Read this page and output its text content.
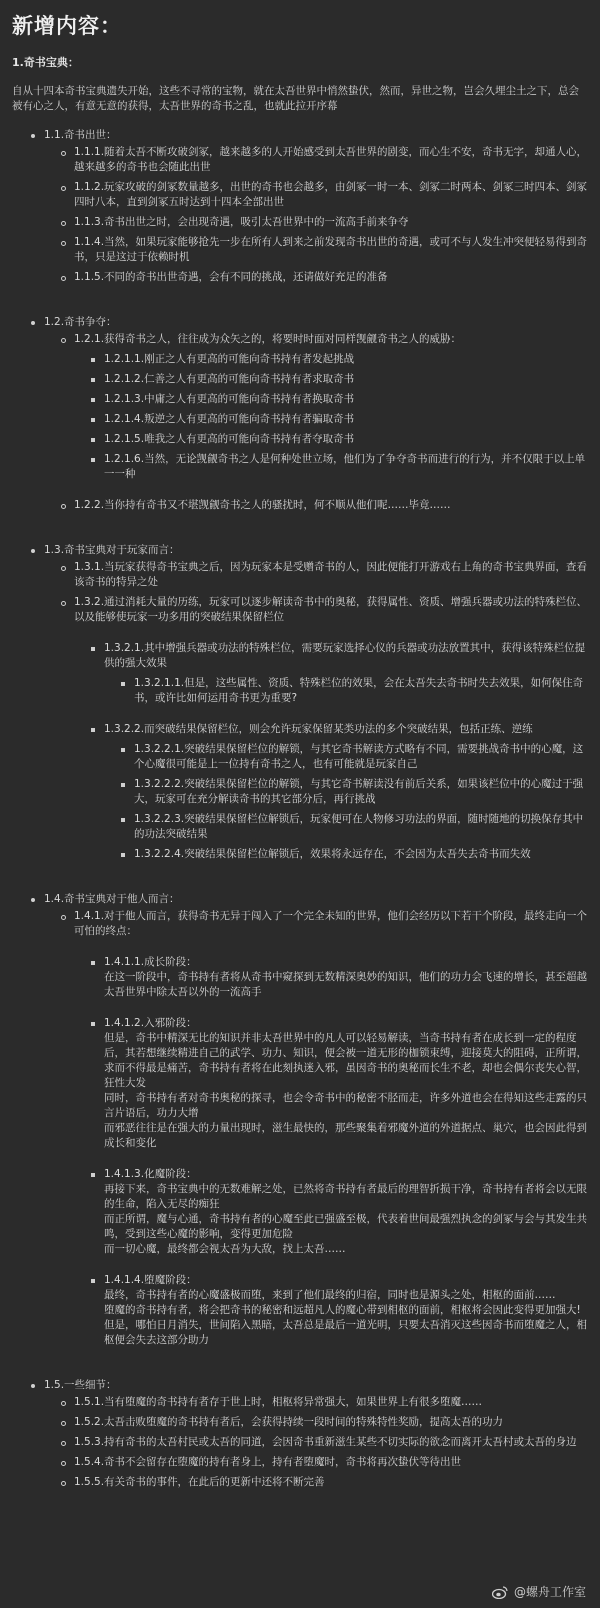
新增内容：
1.奇书宝典：
自从十四本奇书宝典遗失开始，这些不寻常的宝物，就在太吾世界中悄然蛰伏，然而，异世之物，岂会久埋尘土之下，总会被有心之人，有意无意的获得，太吾世界的奇书之乱，也就此拉开序幕
1.1.奇书出世：
1.1.1.随着太吾不断攻破剑冢，越来越多的人开始感受到太吾世界的剧变，而心生不安，奇书无字，却通人心，越来越多的奇书也会随此出世
1.1.2.玩家攻破的剑冢数量越多，出世的奇书也会越多，由剑冢一时一本、剑冢二时两本、剑冢三时四本、剑冢四时八本，直到剑冢五时达到十四本全部出世
1.1.3.奇书出世之时，会出现奇遇，吸引太吾世界中的一流高手前来争夺
1.1.4.当然，如果玩家能够抢先一步在所有人到来之前发现奇书出世的奇遇，或可不与人发生冲突便轻易得到奇书，只是这过于依赖时机
1.1.5.不同的奇书出世奇遇，会有不同的挑战，还请做好充足的准备
1.2.奇书争夺：
1.2.1.获得奇书之人，往往成为众矢之的，将要时时面对同样觊觎奇书之人的威胁：
1.2.1.1.刚正之人有更高的可能向奇书持有者发起挑战
1.2.1.2.仁善之人有更高的可能向奇书持有者求取奇书
1.2.1.3.中庸之人有更高的可能向奇书持有者换取奇书
1.2.1.4.叛逆之人有更高的可能向奇书持有者骗取奇书
1.2.1.5.唯我之人有更高的可能向奇书持有者夺取奇书
1.2.1.6.当然，无论觊觎奇书之人是何种处世立场，他们为了争夺奇书而进行的行为，并不仅限于以上单一一种
1.2.2.当你持有奇书又不堪觊觎奇书之人的骚扰时，何不顺从他们呢……毕竟……
1.3.奇书宝典对于玩家而言：
1.3.1.当玩家获得奇书宝典之后，因为玩家本是受赠奇书的人，因此便能打开游戏右上角的奇书宝典界面，查看该奇书的特异之处
1.3.2.通过消耗大量的历练，玩家可以逐步解读奇书中的奥秘，获得属性、资质、增强兵器或功法的特殊栏位、以及能够使玩家一功多用的突破结果保留栏位
1.3.2.1.其中增强兵器或功法的特殊栏位，需要玩家选择心仪的兵器或功法放置其中，获得该特殊栏位提供的强大效果
1.3.2.1.1.但是，这些属性、资质、特殊栏位的效果，会在太吾失去奇书时失去效果，如何保住奇书，或许比如何运用奇书更为重要?
1.3.2.2.而突破结果保留栏位，则会允许玩家保留某类功法的多个突破结果，包括正练、逆练
1.3.2.2.1.突破结果保留栏位的解锁，与其它奇书解读方式略有不同，需要挑战奇书中的心魔，这个心魔很可能是上一位持有奇书之人，也有可能就是玩家自己
1.3.2.2.2.突破结果保留栏位的解锁，与其它奇书解读没有前后关系，如果该栏位中的心魔过于强大，玩家可在充分解读奇书的其它部分后，再行挑战
1.3.2.2.3.突破结果保留栏位解锁后，玩家便可在人物修习功法的界面，随时随地的切换保存其中的功法突破结果
1.3.2.2.4.突破结果保留栏位解锁后，效果将永远存在，不会因为太吾失去奇书而失效
1.4.奇书宝典对于他人而言：
1.4.1.对于他人而言，获得奇书无异于闯入了一个完全未知的世界，他们会经历以下若干个阶段，最终走向一个可怕的终点：
1.4.1.1.成长阶段：
在这一阶段中，奇书持有者将从奇书中窥探到无数精深奥妙的知识，他们的功力会飞速的增长，甚至超越太吾世界中除太吾以外的一流高手
1.4.1.2.入邪阶段：
但是，奇书中精深无比的知识并非太吾世界中的凡人可以轻易解读，当奇书持有者在成长到一定的程度后，其若想继续精进自己的武学、功力、知识，便会被一道无形的枷锁束缚，迎接莫大的阻碍，正所谓，求而不得最是痛苦，奇书持有者将在此刻执迷入邪，虽因奇书的奥秘而长生不老，却也会偶尔丧失心智，狂性大发
同时，奇书持有者对奇书奥秘的探寻，也会令奇书中的秘密不胫而走，许多外道也会在得知这些走露的只言片语后，功力大增
而邪恶往往是在强大的力量出现时，滋生最快的，那些聚集着邪魔外道的外道据点、巢穴，也会因此得到成长和变化
1.4.1.3.化魔阶段：
再接下来，奇书宝典中的无数难解之处，已然将奇书持有者最后的理智折损干净，奇书持有者将会以无限的生命，陷入无尽的痴狂
而正所谓，魔与心通，奇书持有者的心魔至此已强盛至极，代表着世间最强烈执念的剑冢与会与其发生共鸣，受到这些心魔的影响，变得更加危险
而一切心魔，最终都会视太吾为大敌，找上太吾……
1.4.1.4.堕魔阶段：
最终，奇书持有者的心魔盛极而堕，来到了他们最终的归宿，同时也是源头之处，相枢的面前……
堕魔的奇书持有者，将会把奇书的秘密和远超凡人的魔心带到相枢的面前，相枢将会因此变得更加强大!
但是，哪怕日月消失，世间陷入黑暗，太吾总是最后一道光明，只要太吾消灭这些因奇书而堕魔之人，相枢便会失去这部分助力
1.5.一些细节：
1.5.1.当有堕魔的奇书持有者存于世上时，相枢将异常强大，如果世界上有很多堕魔……
1.5.2.太吾击败堕魔的奇书持有者后，会获得持续一段时间的特殊特性奖励，提高太吾的功力
1.5.3.持有奇书的太吾村民或太吾的同道，会因奇书重新滋生某些不切实际的欲念而离开太吾村或太吾的身边
1.5.4.奇书不会留存在堕魔的持有者身上，持有者堕魔时，奇书将再次蛰伏等待出世
1.5.5.有关奇书的事件，在此后的更新中还将不断完善
@螺舟工作室
